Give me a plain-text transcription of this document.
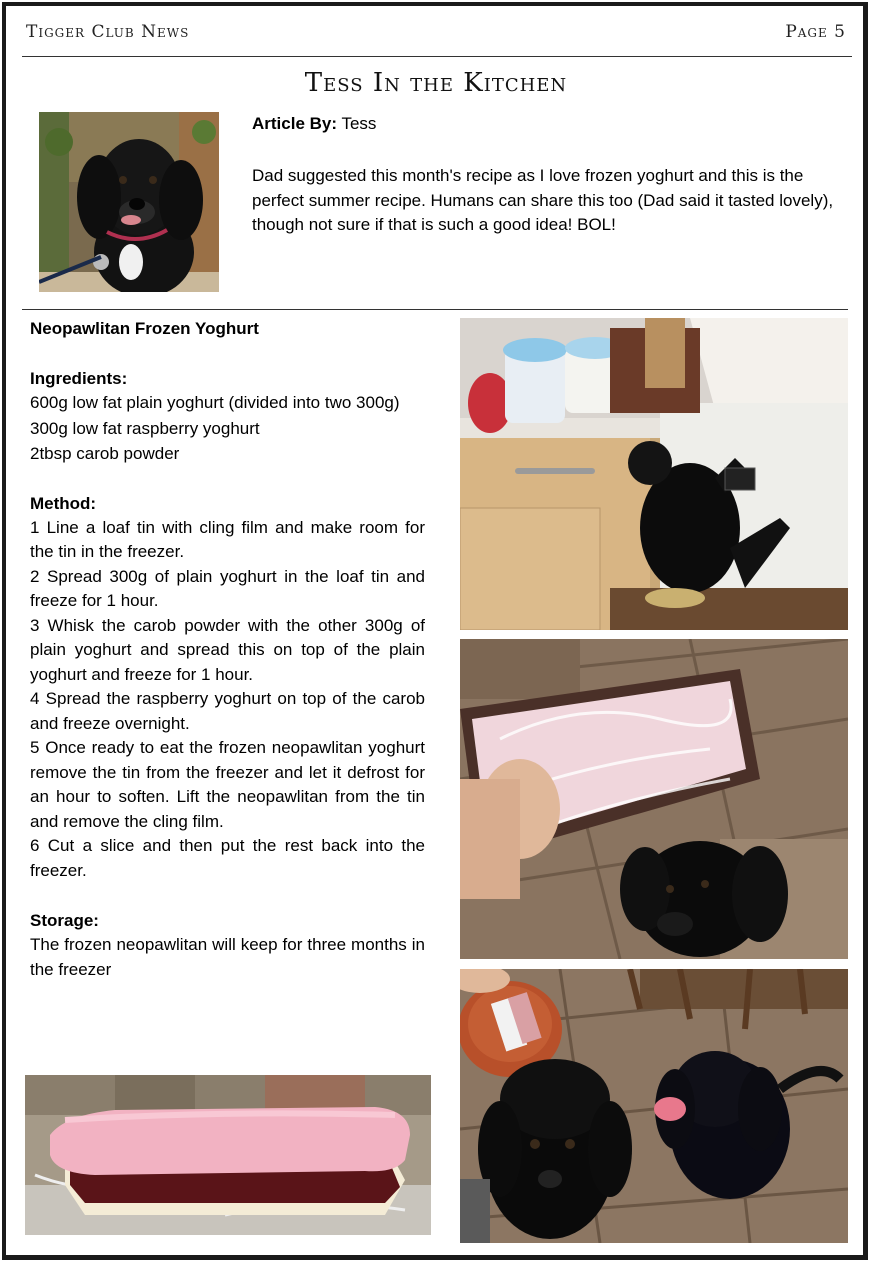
Tigger Club News	Page 5
Tess In the Kitchen
Article By: Tess
Dad suggested this month's recipe as I love frozen yoghurt and this is the perfect summer recipe. Humans can share this too (Dad said it tasted lovely), though not sure if that is such a good idea! BOL!
Neopawlitan Frozen Yoghurt
Ingredients:
600g low fat plain yoghurt (divided into two 300g)
300g low fat raspberry yoghurt
2tbsp carob powder
Method:
1 Line a loaf tin with cling film and make room for the tin in the freezer.
2 Spread 300g of plain yoghurt in the loaf tin and freeze for 1 hour.
3 Whisk the carob powder with the other 300g of plain yoghurt and spread this on top of the plain yoghurt and freeze for 1 hour.
4 Spread the raspberry yoghurt on top of the carob and freeze overnight.
5 Once ready to eat the frozen neopawlitan yoghurt remove the tin from the freezer and let it defrost for an hour to soften. Lift the neopawlitan from the tin and remove the cling film.
6 Cut a slice and then put the rest back into the freezer.
Storage:
The frozen neopawlitan will keep for three months in the freezer
